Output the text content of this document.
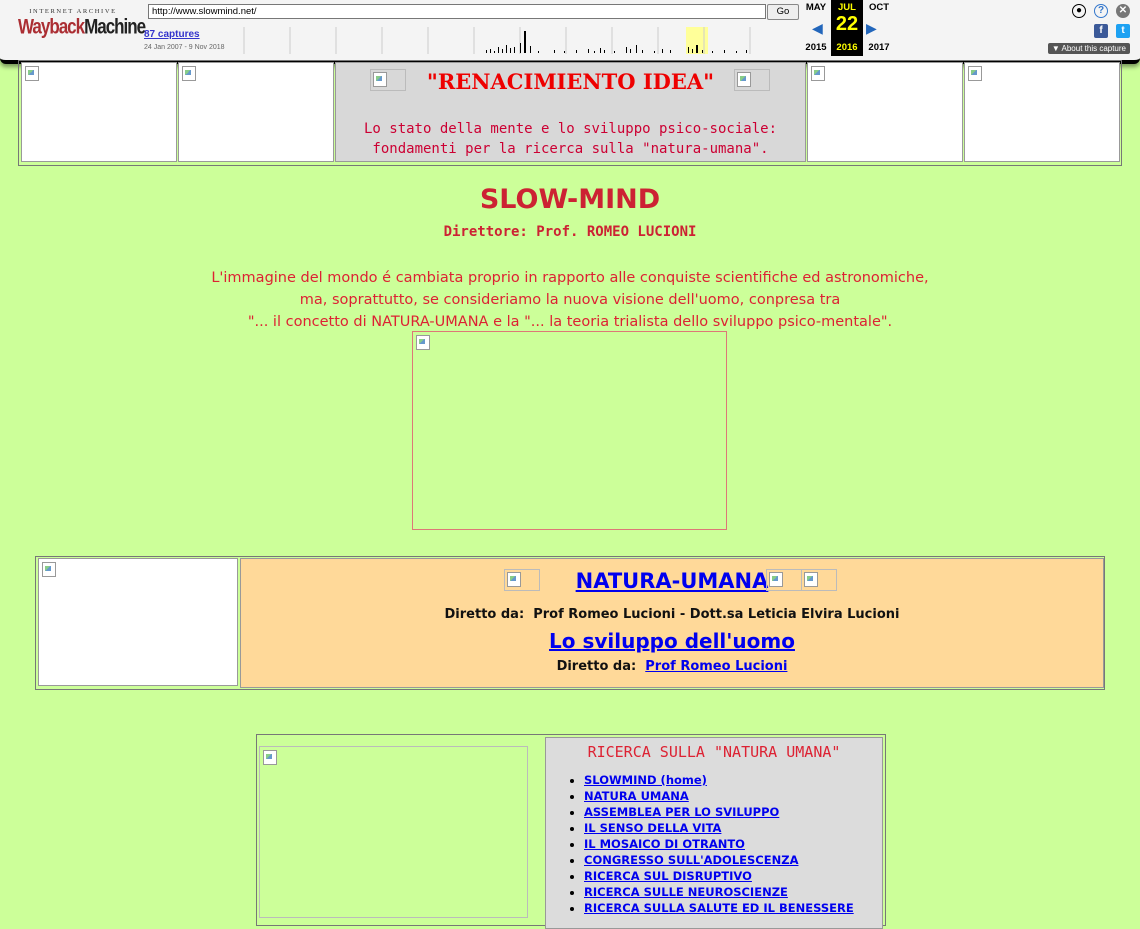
INTERNET ARCHIVE
WaybackMachine
http://www.slowmind.net/	Go
87 captures
24 Jan 2007 - 9 Nov 2018
MAY
2015
◀
JUL
22
2016
▶
OCT
2017
●	?	✕
f	t
▼ About this capture
"RENACIMIENTO IDEA"
Lo stato della mente e lo sviluppo psico-sociale:
fondamenti per la ricerca sulla "natura-umana".
SLOW-MIND
Direttore: Prof. ROMEO LUCIONI
L'immagine del mondo é cambiata proprio in rapporto alle conquiste scientifiche ed astronomiche,
ma, soprattutto, se consideriamo la nuova visione dell'uomo, conpresa tra
"... il concetto di NATURA-UMANA e la "... la teoria trialista dello sviluppo psico-mentale".
NATURA-UMANA
Diretto da: Prof Romeo Lucioni - Dott.sa Leticia Elvira Lucioni
Lo sviluppo dell'uomo
Diretto da: Prof Romeo Lucioni
RICERCA SULLA "NATURA UMANA"
• SLOWMIND (home)
• NATURA UMANA
• ASSEMBLEA PER LO SVILUPPO
• IL SENSO DELLA VITA
• IL MOSAICO DI OTRANTO
• CONGRESSO SULL'ADOLESCENZA
• RICERCA SUL DISRUPTIVO
• RICERCA SULLE NEUROSCIENZE
• RICERCA SULLA SALUTE ED IL BENESSERE
